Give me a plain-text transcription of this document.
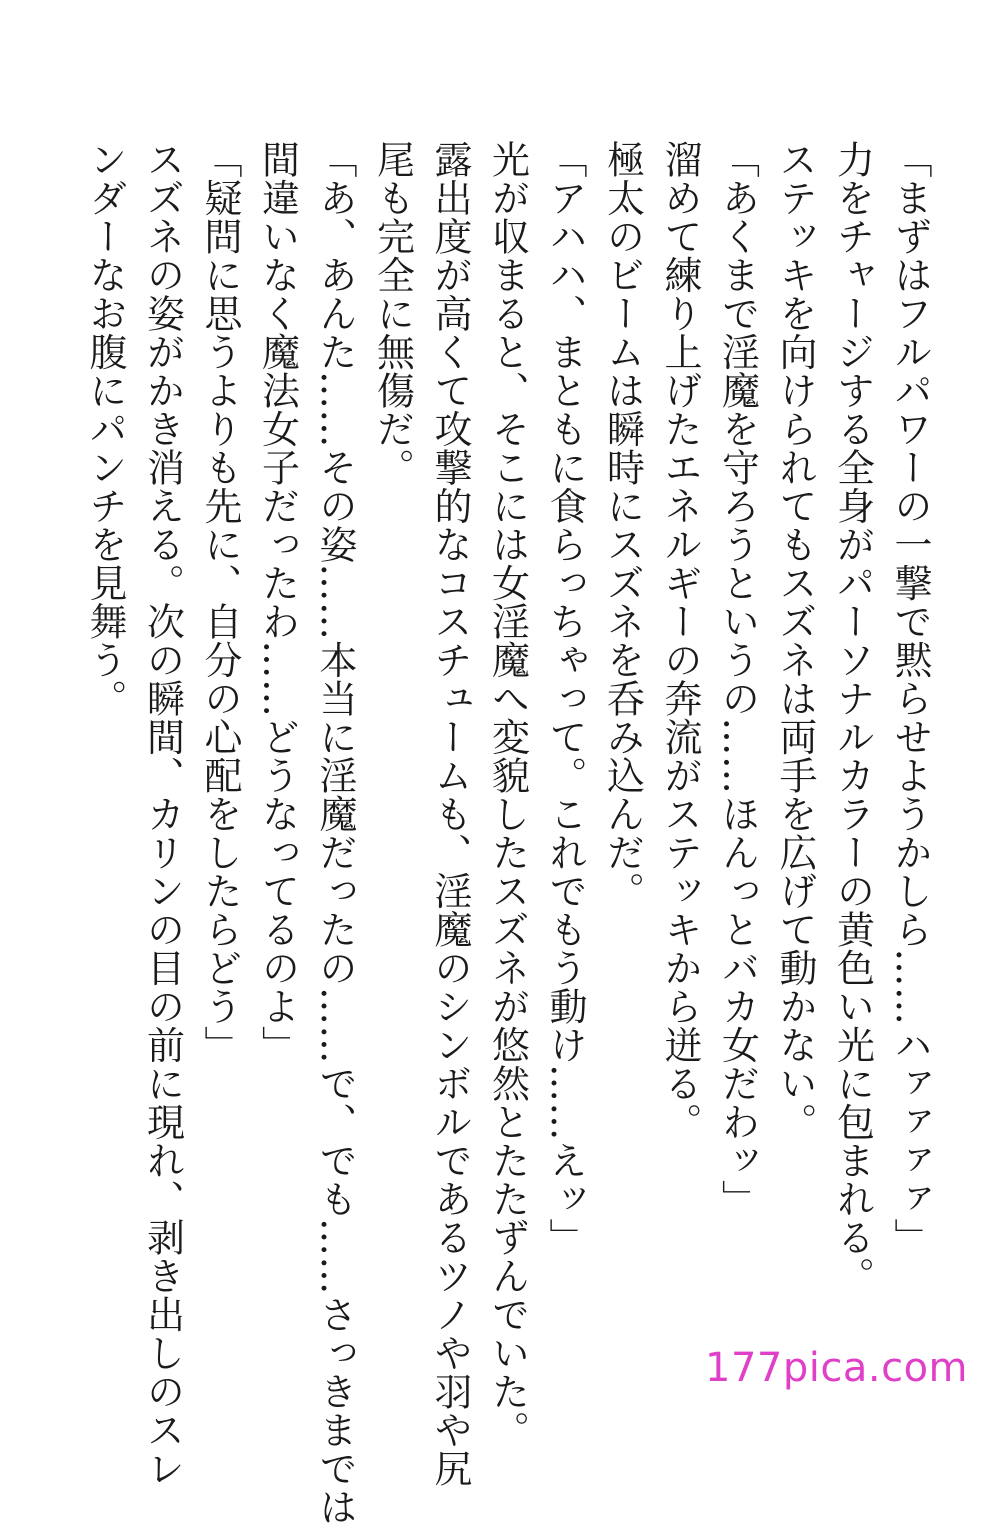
「まずはフルパワーの一撃で黙らせようかしら……ハァァァァ」
力をチャージする全身がパーソナルカラーの黄色い光に包まれる。
ステッキを向けられてもスズネは両手を広げて動かない。
「あくまで淫魔を守ろうというの……ほんっとバカ女だわッ」
溜めて練り上げたエネルギーの奔流がステッキから迸る。
極太のビームは瞬時にスズネを呑み込んだ。
「アハハ、まともに食らっちゃって。これでもう動け……えッ」
光が収まると、そこには女淫魔へ変貌したスズネが悠然とたたずんでいた。
露出度が高くて攻撃的なコスチュームも、淫魔のシンボルであるツノや羽や尻
尾も完全に無傷だ。
「あ、あんた……その姿……本当に淫魔だったの……で、でも……さっきまでは
間違いなく魔法女子だったわ……どうなってるのよ」
「疑問に思うよりも先に、自分の心配をしたらどう」
スズネの姿がかき消える。次の瞬間、カリンの目の前に現れ、剥き出しのスレ
ンダーなお腹にパンチを見舞う。
177pica.com
